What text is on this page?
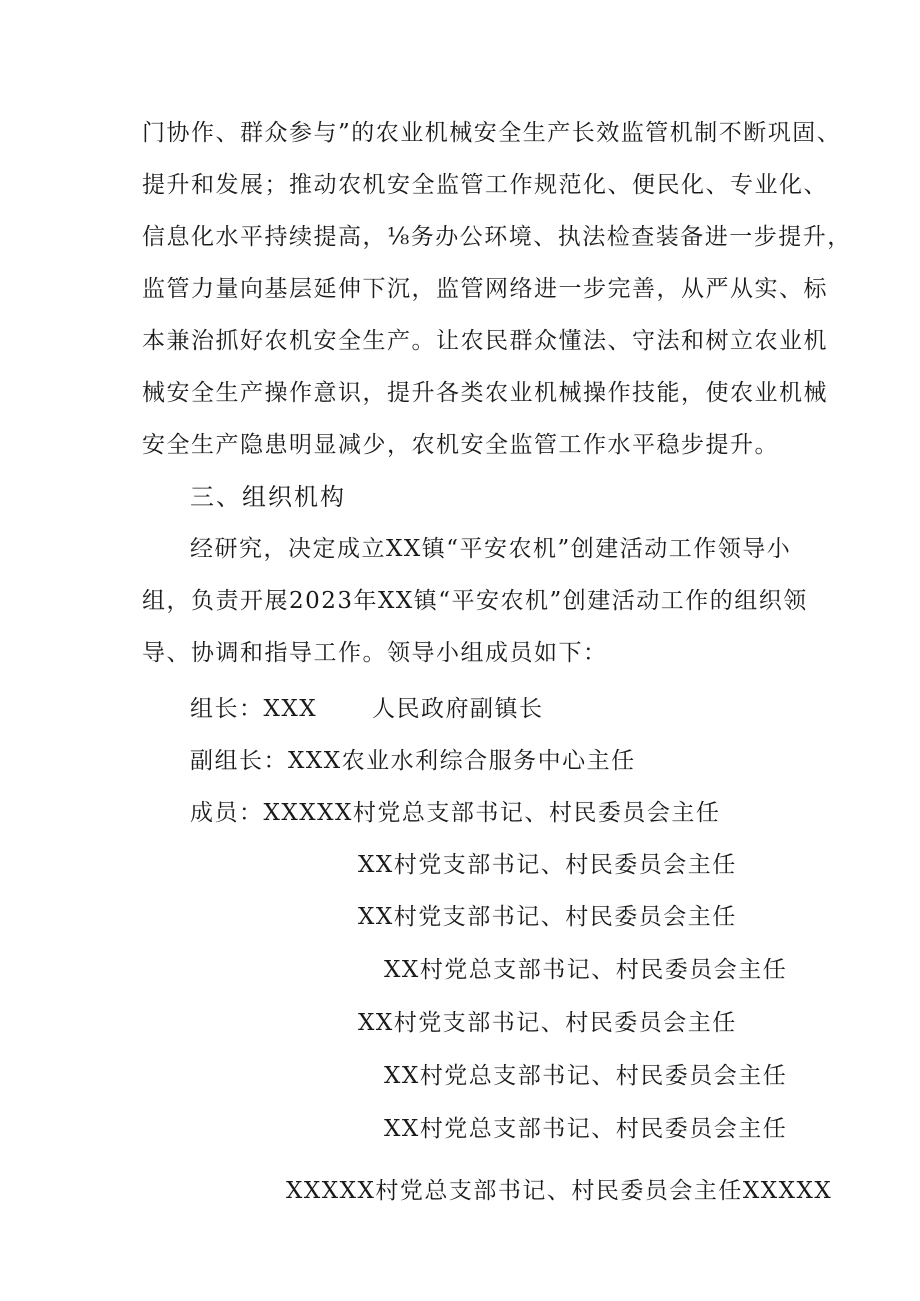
门协作、群众参与”的农业机械安全生产长效监管机制不断巩固、
提升和发展；推动农机安全监管工作规范化、便民化、专业化、
信息化水平持续提高，⅛务办公环境、执法检查装备进一步提升，
监管力量向基层延伸下沉，监管网络进一步完善，从严从实、标
本兼治抓好农机安全生产。让农民群众懂法、守法和树立农业机
械安全生产操作意识，提升各类农业机械操作技能，使农业机械
安全生产隐患明显减少，农机安全监管工作水平稳步提升。
三、组织机构
经研究，决定成立XX镇“平安农机”创建活动工作领导小
组，负责开展2023年XX镇“平安农机”创建活动工作的组织领
导、协调和指导工作。领导小组成员如下：
组长：XXX 人民政府副镇长
副组长：XXX农业水利综合服务中心主任
成员：XXXXX村党总支部书记、村民委员会主任
XX村党支部书记、村民委员会主任
XX村党支部书记、村民委员会主任
XX村党总支部书记、村民委员会主任
XX村党支部书记、村民委员会主任
XX村党总支部书记、村民委员会主任
XX村党总支部书记、村民委员会主任
XXXXX村党总支部书记、村民委员会主任XXXXX
